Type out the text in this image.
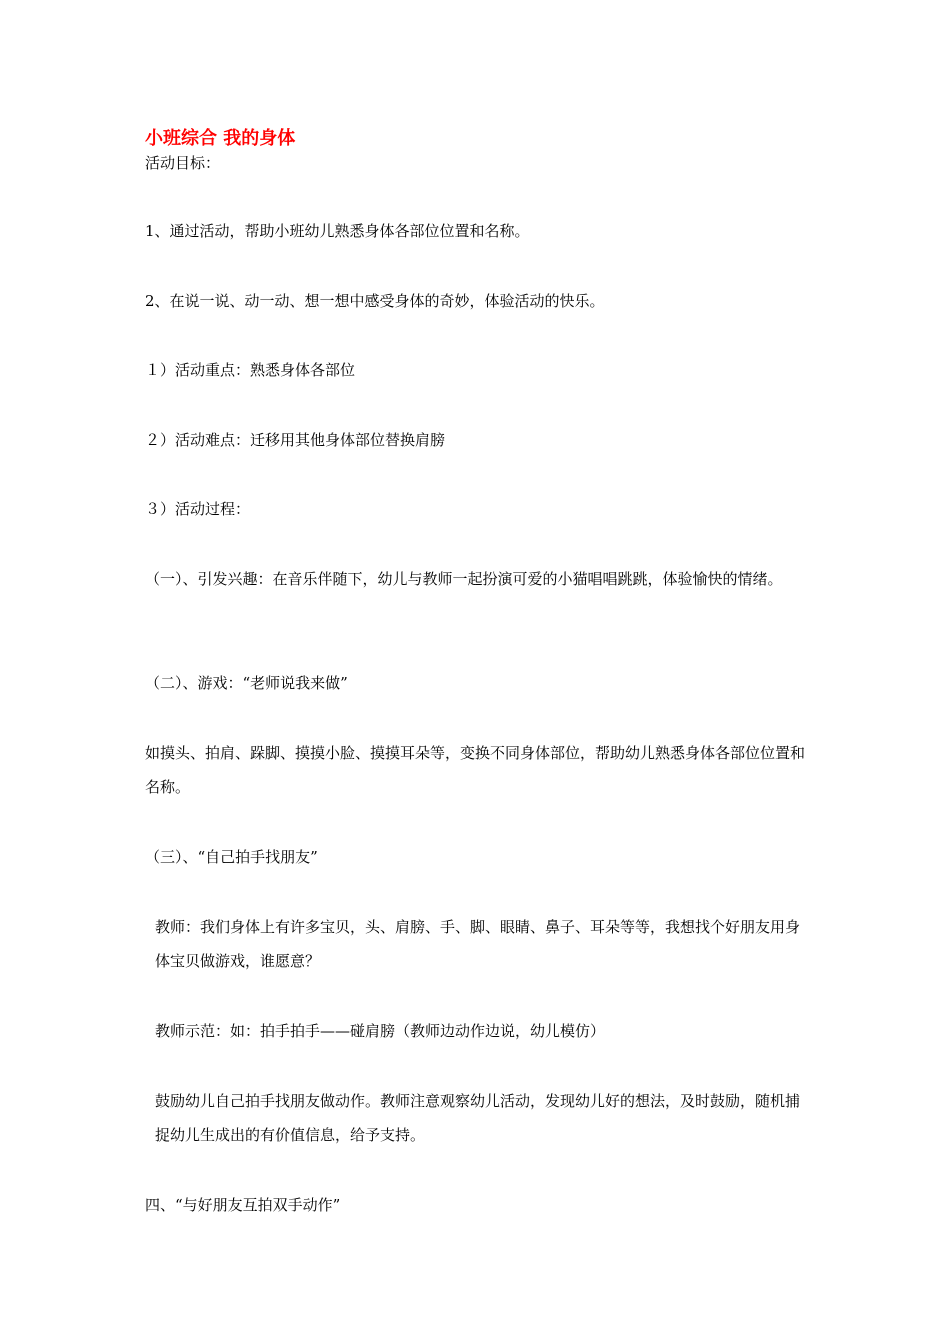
小班综合 我的身体
活动目标：
1、通过活动，帮助小班幼儿熟悉身体各部位位置和名称。
2、在说一说、动一动、想一想中感受身体的奇妙，体验活动的快乐。
１）活动重点：熟悉身体各部位
２）活动难点：迁移用其他身体部位替换肩膀
３）活动过程：
（一）、引发兴趣：在音乐伴随下，幼儿与教师一起扮演可爱的小猫唱唱跳跳，体验愉快的情绪。
（二）、游戏：“老师说我来做”
如摸头、拍肩、跺脚、摸摸小脸、摸摸耳朵等，变换不同身体部位，帮助幼儿熟悉身体各部位位置和名称。
（三）、“自己拍手找朋友”
教师：我们身体上有许多宝贝，头、肩膀、手、脚、眼睛、鼻子、耳朵等等，我想找个好朋友用身体宝贝做游戏，谁愿意？
教师示范：如：拍手拍手——碰肩膀（教师边动作边说，幼儿模仿）
鼓励幼儿自己拍手找朋友做动作。教师注意观察幼儿活动，发现幼儿好的想法，及时鼓励，随机捕捉幼儿生成出的有价值信息，给予支持。
四、“与好朋友互拍双手动作”
